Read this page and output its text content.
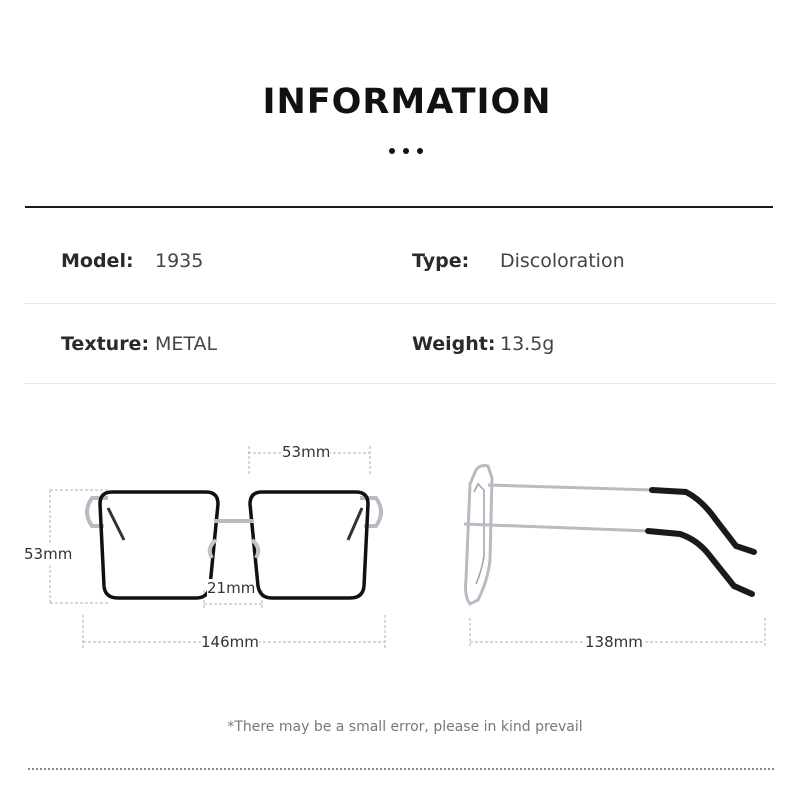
INFORMATION
Model: 1935	Type: Discoloration
Texture: METAL	Weight: 13.5g
53mm
53mm
21mm
146mm	138mm
*There may be a small error, please in kind prevail
